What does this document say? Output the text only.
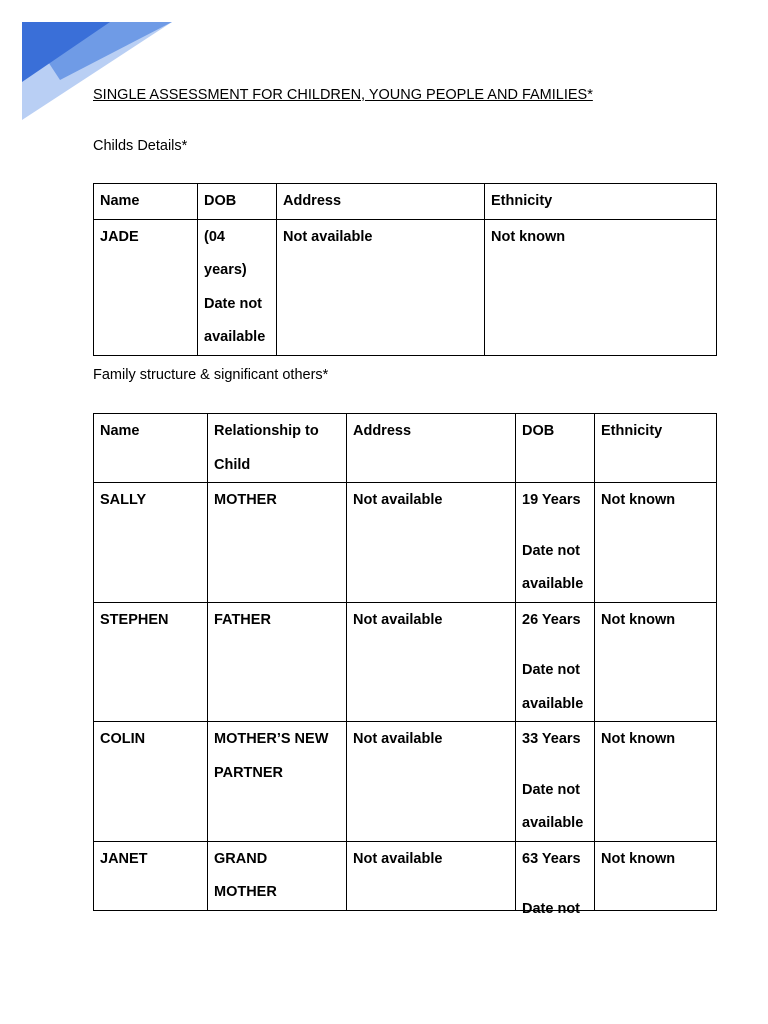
SINGLE ASSESSMENT FOR CHILDREN, YOUNG PEOPLE AND FAMILIES*

Childs Details*

Name	DOB	Address	Ethnicity
JADE	(04
years)
Date not
available	Not available	Not known

Family structure & significant others*

Name	Relationship to
Child	Address	DOB	Ethnicity
SALLY	MOTHER	Not available	19 Years
Date not
available	Not known
STEPHEN	FATHER	Not available	26 Years
Date not
available	Not known
COLIN	MOTHER’S NEW
PARTNER	Not available	33 Years
Date not
available	Not known
JANET	GRAND
MOTHER	Not available	63 Years
Date not	Not known
